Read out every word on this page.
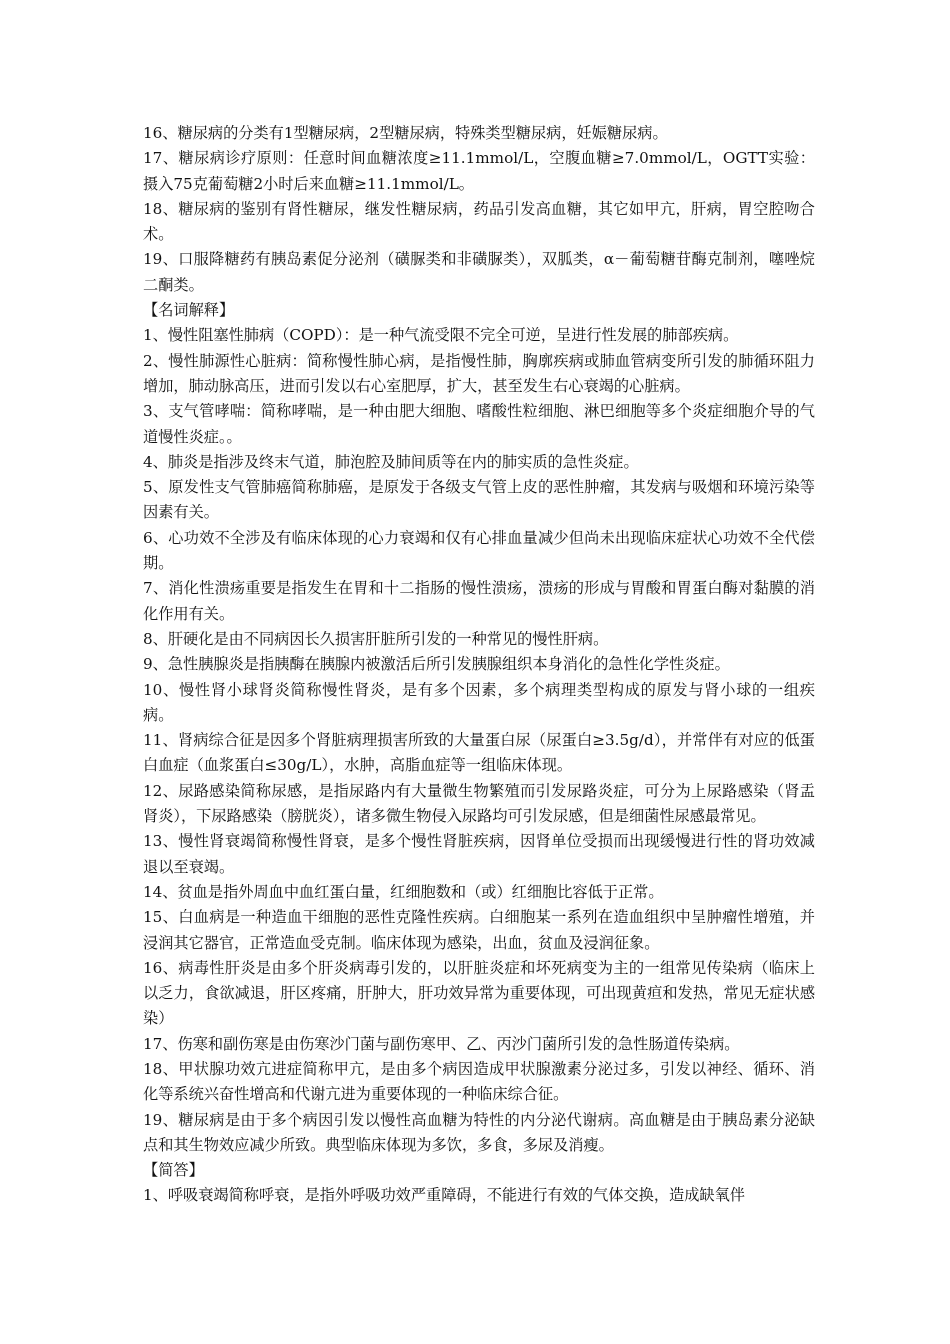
16、糖尿病的分类有1型糖尿病，2型糖尿病，特殊类型糖尿病，妊娠糖尿病。

17、糖尿病诊疗原则：任意时间血糖浓度≥11.1mmol/L，空腹血糖≥7.0mmol/L，OGTT实验：摄入75克葡萄糖2小时后来血糖≥11.1mmol/L。

18、糖尿病的鉴别有肾性糖尿，继发性糖尿病，药品引发高血糖，其它如甲亢，肝病，胃空腔吻合术。

19、口服降糖药有胰岛素促分泌剂（磺脲类和非磺脲类），双胍类，α－葡萄糖苷酶克制剂，噻唑烷二酮类。

【名词解释】

1、慢性阻塞性肺病（COPD）：是一种气流受限不完全可逆，呈进行性发展的肺部疾病。

2、慢性肺源性心脏病：简称慢性肺心病，是指慢性肺，胸廓疾病或肺血管病变所引发的肺循环阻力增加，肺动脉高压，进而引发以右心室肥厚，扩大，甚至发生右心衰竭的心脏病。

3、支气管哮喘：简称哮喘，是一种由肥大细胞、嗜酸性粒细胞、淋巴细胞等多个炎症细胞介导的气道慢性炎症。。

4、肺炎是指涉及终末气道，肺泡腔及肺间质等在内的肺实质的急性炎症。

5、原发性支气管肺癌简称肺癌，是原发于各级支气管上皮的恶性肿瘤，其发病与吸烟和环境污染等因素有关。

6、心功效不全涉及有临床体现的心力衰竭和仅有心排血量减少但尚未出现临床症状心功效不全代偿期。

7、消化性溃疡重要是指发生在胃和十二指肠的慢性溃疡，溃疡的形成与胃酸和胃蛋白酶对黏膜的消化作用有关。

8、肝硬化是由不同病因长久损害肝脏所引发的一种常见的慢性肝病。

9、急性胰腺炎是指胰酶在胰腺内被激活后所引发胰腺组织本身消化的急性化学性炎症。

10、慢性肾小球肾炎简称慢性肾炎，是有多个因素，多个病理类型构成的原发与肾小球的一组疾病。

11、肾病综合征是因多个肾脏病理损害所致的大量蛋白尿（尿蛋白≥3.5g/d），并常伴有对应的低蛋白血症（血浆蛋白≤30g/L），水肿，高脂血症等一组临床体现。

12、尿路感染简称尿感，是指尿路内有大量微生物繁殖而引发尿路炎症，可分为上尿路感染（肾盂肾炎），下尿路感染（膀胱炎），诸多微生物侵入尿路均可引发尿感，但是细菌性尿感最常见。

13、慢性肾衰竭简称慢性肾衰，是多个慢性肾脏疾病，因肾单位受损而出现缓慢进行性的肾功效减退以至衰竭。

14、贫血是指外周血中血红蛋白量，红细胞数和（或）红细胞比容低于正常。

15、白血病是一种造血干细胞的恶性克隆性疾病。白细胞某一系列在造血组织中呈肿瘤性增殖，并浸润其它器官，正常造血受克制。临床体现为感染，出血，贫血及浸润征象。

16、病毒性肝炎是由多个肝炎病毒引发的，以肝脏炎症和坏死病变为主的一组常见传染病（临床上以乏力，食欲减退，肝区疼痛，肝肿大，肝功效异常为重要体现，可出现黄疸和发热，常见无症状感染）

17、伤寒和副伤寒是由伤寒沙门菌与副伤寒甲、乙、丙沙门菌所引发的急性肠道传染病。

18、甲状腺功效亢进症简称甲亢，是由多个病因造成甲状腺激素分泌过多，引发以神经、循环、消化等系统兴奋性增高和代谢亢进为重要体现的一种临床综合征。

19、糖尿病是由于多个病因引发以慢性高血糖为特性的内分泌代谢病。高血糖是由于胰岛素分泌缺点和其生物效应减少所致。典型临床体现为多饮，多食，多尿及消瘦。

【简答】

1、呼吸衰竭简称呼衰，是指外呼吸功效严重障碍，不能进行有效的气体交换，造成缺氧伴
